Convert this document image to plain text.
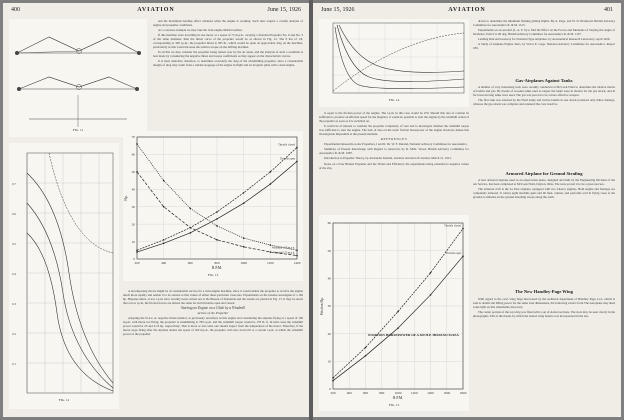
400	AVIATION	June 15, 1926
FIG. 11

and the maximum bending effect obtained when the engine is working. Such tests require a careful analysis of engine and propeller conditions.

As a concrete example we may take the twin-engine Martin bomber.

If this machine were travelling in one motor at a speed of 75 m.p.h., carrying a Standard Propeller No. 6 and No. 5 of the same diameter, then the thrust curve of the propeller would be as shown in Fig. 12. The P hat of 1.8, corresponding to 300 r.p.m., the propeller thrust is 585 lb., which would be quite an appreciable drag on the machine, particularly as this would increase the relative torque on the drifting machine.

In all this we may consider the propeller being turned over by the air alone, and the analysis of such a condition is best made by considering the negative thrust and torque coefficients as they appear on the characteristic curves.

It is most desirable, therefore, to determine accurately the drag of the windmilling propeller, since a considerable margin of drag may result from a sudden stoppage of the engine in flight and an irregular glide with a dead engine.

0.7
0.6
0.5
0.4
0.3
0.2
0.1
FIG. 12
200	400	600	800	1000	1200	1400
0
10
20
30
40
50
60
70
Throttle open
Throttle closed
Windmill 75 m.p.h.
Windmill 100 m.p.h.
R.P.M.
Hp.
FIG. 13

A decomposing device might be of considerable service for a twin-engine machine, since it would enable the propeller to revolve the engine much more rapidly and enable it to be started so that values of either these particular cases has. Experiments on the Gnome aeroengine of a 160 hp. Hispano-Suiza, at low r.p.m. have recently been carried out at the Bureau of Standards and the results are plotted in Fig. 13. It may be noted that at low r.p.m. the friction forces are almost the same for both throttles open and closed.

Starting an Engine on a Glide by a Windmill
Action of the Propeller

Adopting the N.A.C.A. negative thrust method, as previously described, in this engine and considering the airplane flying at a speed of 100 m.p.h. with motor not firing, the propeller is windmilling at 700 r.p.m. and the windmill torque would be 178 lb. ft. In both cases the windmill power would be 23 and 21.6 hp. respectively. This is more or less what one should expect from the temperature of the motor. Therefore, if the motor stops firing after the airplane attains the speed of 100 m.p.h., the propeller will slow down till to a certain r.p.m. at which the windmill power of the propeller

June 15, 1926	AVIATION	401
FIG. 14

drawn to determine the minimum flaming gliding flights. By A. Page, and W. D. Bramwell. British Advisory Committee for Aeronautics R. & M. 1125.

Experiments on an aerofoil (L. A. F. 6) to find the Effect on the Forces and Moments of Varying the Angle of Incidence from 0 to 90 deg. British Advisory Committee for Aeronautics R. & M. 1107.

Landing Run and Getaway for Standard Type Airplanes, by Aeronautical Research Laboratory, April 1926.

A Study of Airplane Engine Tests, by Victor E. Gage, National Advisory Committee for Aeronautics, Report 189.

Gas-Airplanes Against Tanks

A number of very interesting tests were recently conducted at McCook Field to determine the relative merits of bombs and gas. By means of wooden tanks used as targets the tanks were in motion for the gas attack, and in fact near moving tanks were used. The gas was proved to be a more effective weapon.

The first tank was attacked by the Field Army and twelve bombs in one attack produced only minor damage, whereas the gas attack was complete and rendered the crew inactive.

is equal to the friction power of the engine. The r.p.m. in this case would be 470. Should this rate of rotation be sufficient to produce an efficient speed for the magneto, it would be possible to start the engine by the windmill action of the propeller as soon as it is switched on.

It would be of interest to consider the propeller completely of vent and to investigate whether the windmill torque was sufficient to start the engine. The lack of data on the static friction horsepower of the engine involved, makes this investigation impossible at the present moment.

REFERENCES

Experimental Research on Air Propellers, I and II. Dr. W. F. Durand, National Advisory Committee for Aeronautics.

Summary of Present Knowledge with Regard to Airscrews by R. McK. Wood, British Advisory Committee for Aeronautics R. & M. 1087.

Introduction to Propeller Theory, by Alexander Klemin, Aviation and Aircraft Journal, March 21, 1921.

Notes on a Four Bladed Propeller and the Thrust and Efficiency the experiments being extended to negative values of the slip.

Armored Airplane for Ground Strafing

A new armored airplane used as an observation plane, designed and built by the Engineering Division of the Air Service, has been completed at McCook Field, Dayton, Ohio. The tests proved it to be a great success.

The armored craft is the Le Pere airplane, equipped with two Liberty engines. Both engine and fuselage are completely armored. It carries eight machine guns and 40 men, cannon, and performs well in flying close to the ground at altitudes on the ground attacking troops along the earth.

200	400	600	800	1000	1200	1400	1600	1800
0
10
20
30
40
50
60
Throttle open
Throttle closed
R.P.M.
Friction Hp.
POSITION HORSEPOWER OF A 300 H.P. HISPANO SUIZA
FIG. 15
The New Handley-Page Wing

With regard to the cowl wing flaps discovered by the technical department of Handley Page, Ltd., which is said to double the lifting power for the same load dimensions, the following extract from The Aeroplane may shed some light on this remarkable discovery.

The center portion of the top wing was fitted with a set of slotted sections. The slots may be seen clearly in the photographs. This is the means by which the slotted wing feature was incorporated in the test.
